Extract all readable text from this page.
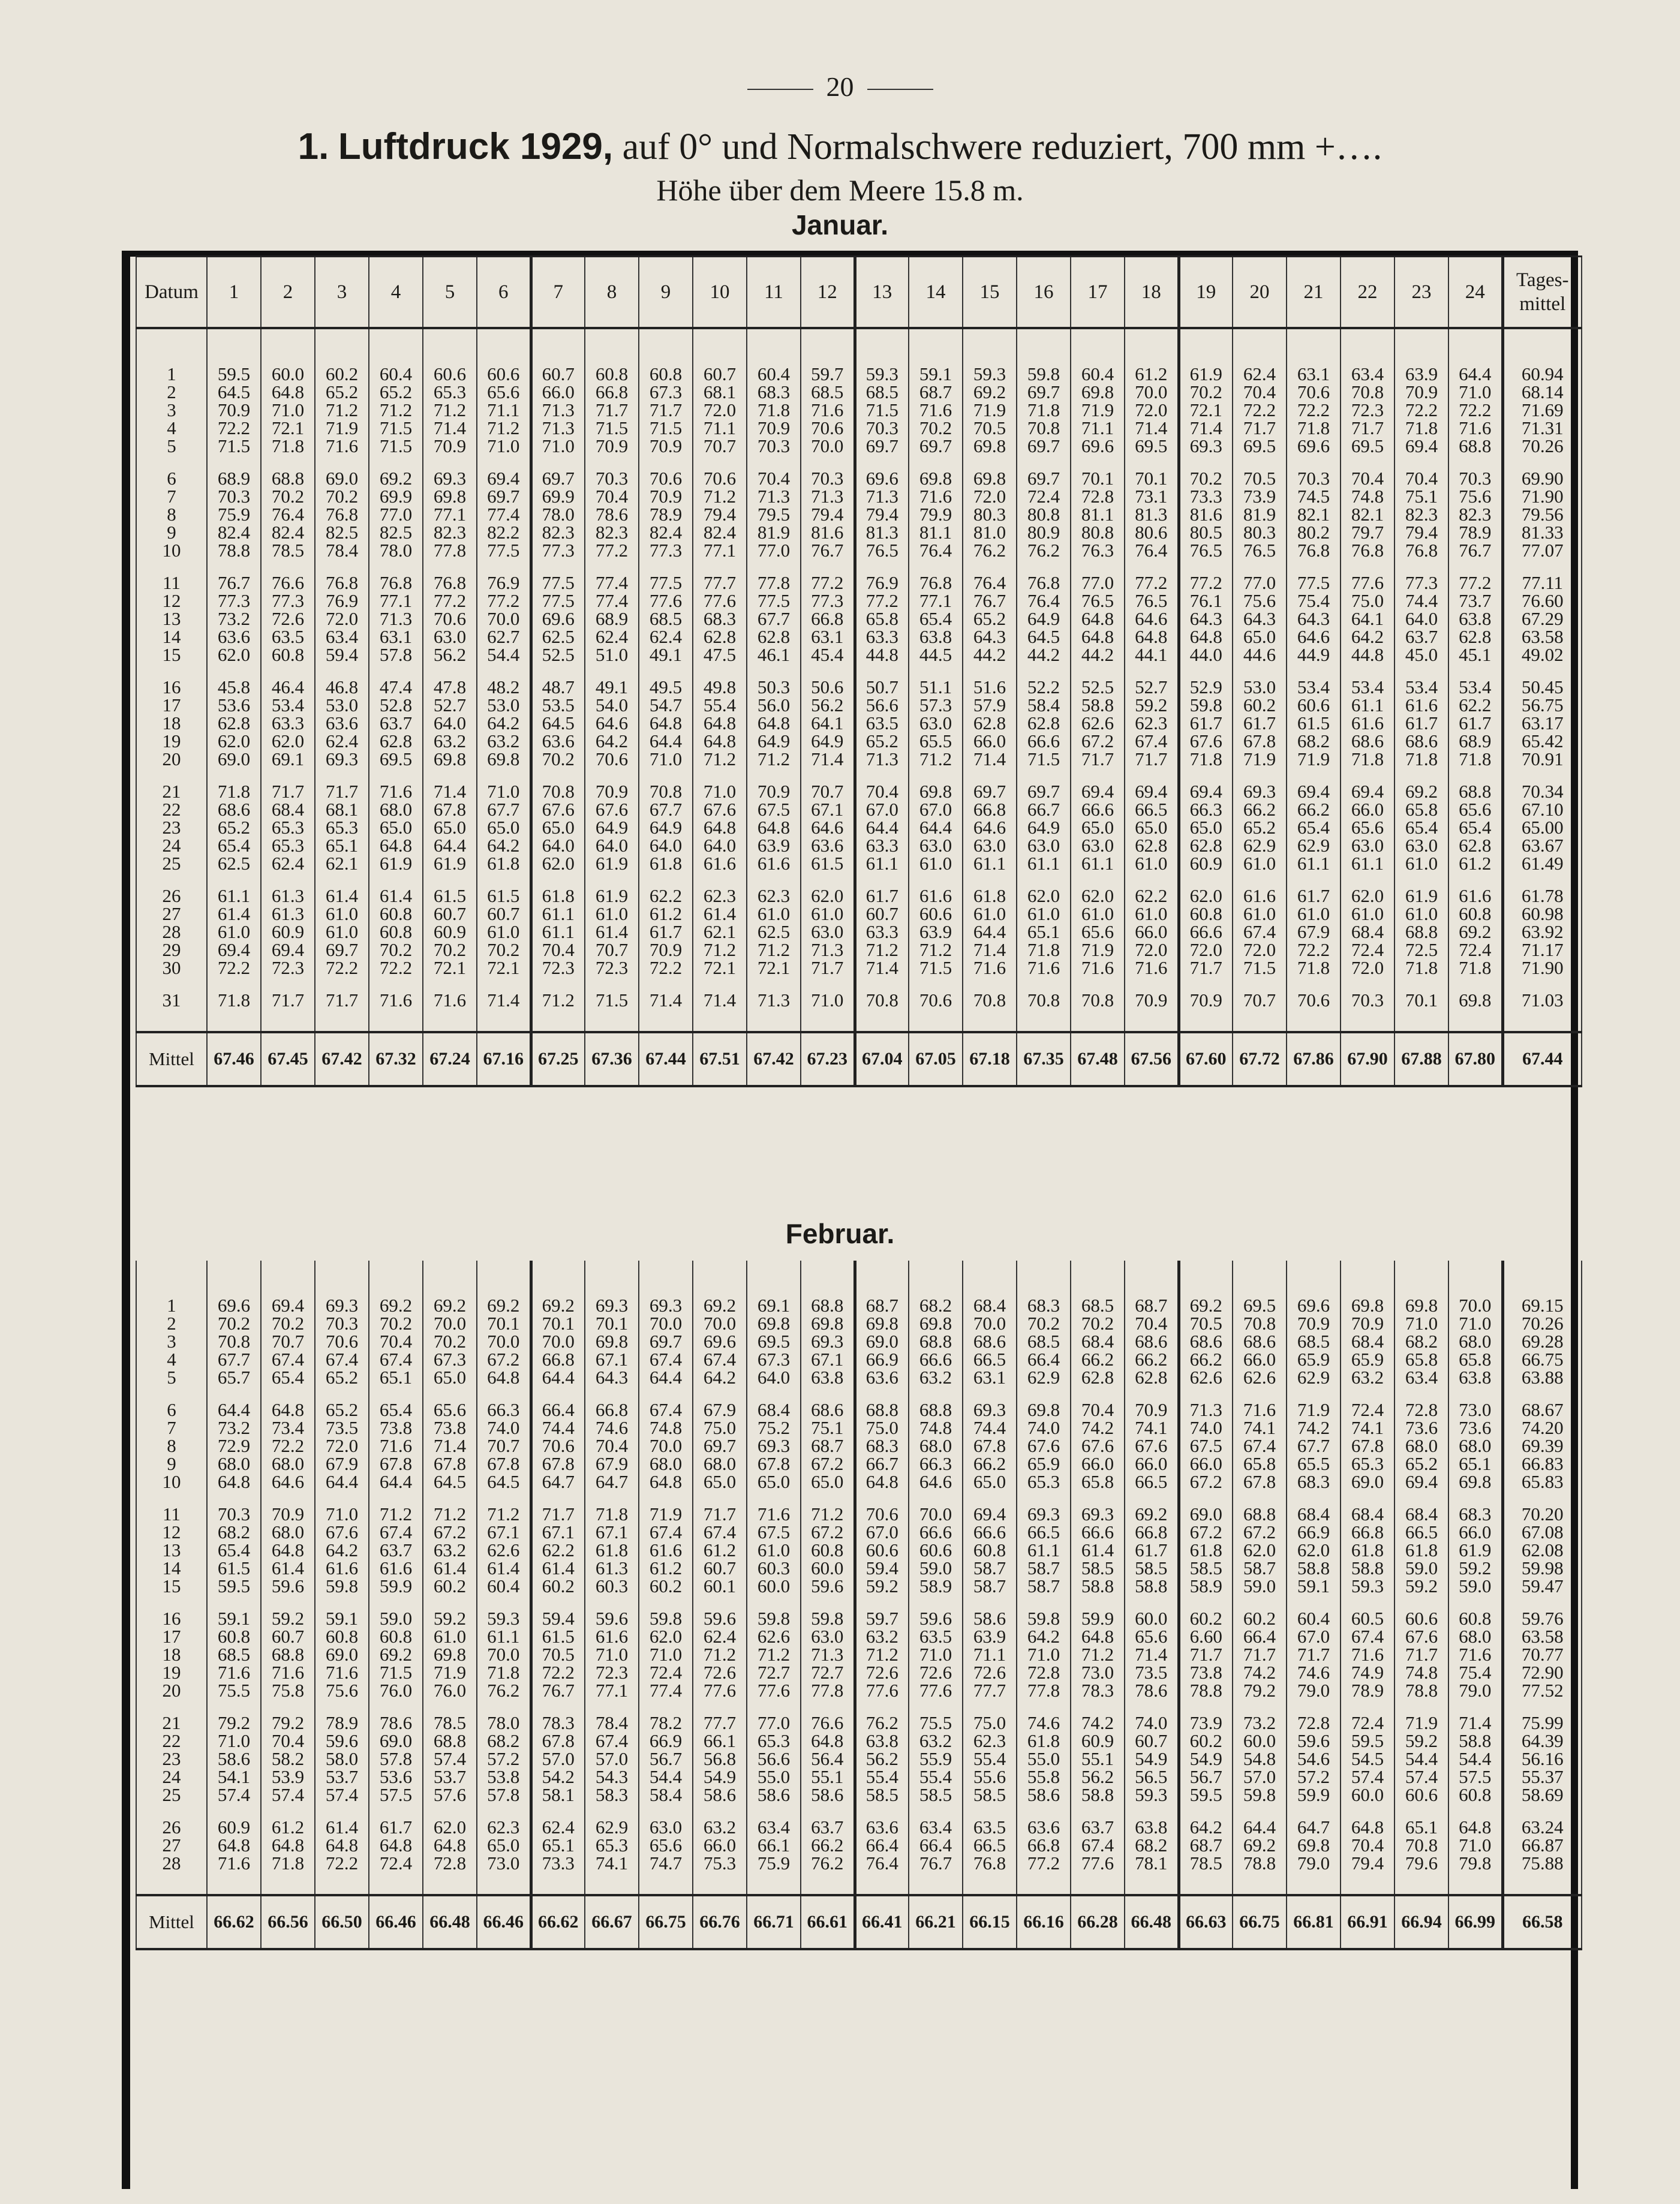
20
1. Luftdruck 1929, auf 0° und Normalschwere reduziert, 700 mm +….
Höhe über dem Meere 15.8 m.
Januar.
Datum	1	2	3	4	5	6	7	8	9	10	11	12	13	14	15	16	17	18	19	20	21	22	23	24	Tages-
mittel

1	59.5	60.0	60.2	60.4	60.6	60.6	60.7	60.8	60.8	60.7	60.4	59.7	59.3	59.1	59.3	59.8	60.4	61.2	61.9	62.4	63.1	63.4	63.9	64.4	60.94
2	64.5	64.8	65.2	65.2	65.3	65.6	66.0	66.8	67.3	68.1	68.3	68.5	68.5	68.7	69.2	69.7	69.8	70.0	70.2	70.4	70.6	70.8	70.9	71.0	68.14
3	70.9	71.0	71.2	71.2	71.2	71.1	71.3	71.7	71.7	72.0	71.8	71.6	71.5	71.6	71.9	71.8	71.9	72.0	72.1	72.2	72.2	72.3	72.2	72.2	71.69
4	72.2	72.1	71.9	71.5	71.4	71.2	71.3	71.5	71.5	71.1	70.9	70.6	70.3	70.2	70.5	70.8	71.1	71.4	71.4	71.7	71.8	71.7	71.8	71.6	71.31
5	71.5	71.8	71.6	71.5	70.9	71.0	71.0	70.9	70.9	70.7	70.3	70.0	69.7	69.7	69.8	69.7	69.6	69.5	69.3	69.5	69.6	69.5	69.4	68.8	70.26

6	68.9	68.8	69.0	69.2	69.3	69.4	69.7	70.3	70.6	70.6	70.4	70.3	69.6	69.8	69.8	69.7	70.1	70.1	70.2	70.5	70.3	70.4	70.4	70.3	69.90
7	70.3	70.2	70.2	69.9	69.8	69.7	69.9	70.4	70.9	71.2	71.3	71.3	71.3	71.6	72.0	72.4	72.8	73.1	73.3	73.9	74.5	74.8	75.1	75.6	71.90
8	75.9	76.4	76.8	77.0	77.1	77.4	78.0	78.6	78.9	79.4	79.5	79.4	79.4	79.9	80.3	80.8	81.1	81.3	81.6	81.9	82.1	82.1	82.3	82.3	79.56
9	82.4	82.4	82.5	82.5	82.3	82.2	82.3	82.3	82.4	82.4	81.9	81.6	81.3	81.1	81.0	80.9	80.8	80.6	80.5	80.3	80.2	79.7	79.4	78.9	81.33
10	78.8	78.5	78.4	78.0	77.8	77.5	77.3	77.2	77.3	77.1	77.0	76.7	76.5	76.4	76.2	76.2	76.3	76.4	76.5	76.5	76.8	76.8	76.8	76.7	77.07

11	76.7	76.6	76.8	76.8	76.8	76.9	77.5	77.4	77.5	77.7	77.8	77.2	76.9	76.8	76.4	76.8	77.0	77.2	77.2	77.0	77.5	77.6	77.3	77.2	77.11
12	77.3	77.3	76.9	77.1	77.2	77.2	77.5	77.4	77.6	77.6	77.5	77.3	77.2	77.1	76.7	76.4	76.5	76.5	76.1	75.6	75.4	75.0	74.4	73.7	76.60
13	73.2	72.6	72.0	71.3	70.6	70.0	69.6	68.9	68.5	68.3	67.7	66.8	65.8	65.4	65.2	64.9	64.8	64.6	64.3	64.3	64.3	64.1	64.0	63.8	67.29
14	63.6	63.5	63.4	63.1	63.0	62.7	62.5	62.4	62.4	62.8	62.8	63.1	63.3	63.8	64.3	64.5	64.8	64.8	64.8	65.0	64.6	64.2	63.7	62.8	63.58
15	62.0	60.8	59.4	57.8	56.2	54.4	52.5	51.0	49.1	47.5	46.1	45.4	44.8	44.5	44.2	44.2	44.2	44.1	44.0	44.6	44.9	44.8	45.0	45.1	49.02

16	45.8	46.4	46.8	47.4	47.8	48.2	48.7	49.1	49.5	49.8	50.3	50.6	50.7	51.1	51.6	52.2	52.5	52.7	52.9	53.0	53.4	53.4	53.4	53.4	50.45
17	53.6	53.4	53.0	52.8	52.7	53.0	53.5	54.0	54.7	55.4	56.0	56.2	56.6	57.3	57.9	58.4	58.8	59.2	59.8	60.2	60.6	61.1	61.6	62.2	56.75
18	62.8	63.3	63.6	63.7	64.0	64.2	64.5	64.6	64.8	64.8	64.8	64.1	63.5	63.0	62.8	62.8	62.6	62.3	61.7	61.7	61.5	61.6	61.7	61.7	63.17
19	62.0	62.0	62.4	62.8	63.2	63.2	63.6	64.2	64.4	64.8	64.9	64.9	65.2	65.5	66.0	66.6	67.2	67.4	67.6	67.8	68.2	68.6	68.6	68.9	65.42
20	69.0	69.1	69.3	69.5	69.8	69.8	70.2	70.6	71.0	71.2	71.2	71.4	71.3	71.2	71.4	71.5	71.7	71.7	71.8	71.9	71.9	71.8	71.8	71.8	70.91

21	71.8	71.7	71.7	71.6	71.4	71.0	70.8	70.9	70.8	71.0	70.9	70.7	70.4	69.8	69.7	69.7	69.4	69.4	69.4	69.3	69.4	69.4	69.2	68.8	70.34
22	68.6	68.4	68.1	68.0	67.8	67.7	67.6	67.6	67.7	67.6	67.5	67.1	67.0	67.0	66.8	66.7	66.6	66.5	66.3	66.2	66.2	66.0	65.8	65.6	67.10
23	65.2	65.3	65.3	65.0	65.0	65.0	65.0	64.9	64.9	64.8	64.8	64.6	64.4	64.4	64.6	64.9	65.0	65.0	65.0	65.2	65.4	65.6	65.4	65.4	65.00
24	65.4	65.3	65.1	64.8	64.4	64.2	64.0	64.0	64.0	64.0	63.9	63.6	63.3	63.0	63.0	63.0	63.0	62.8	62.8	62.9	62.9	63.0	63.0	62.8	63.67
25	62.5	62.4	62.1	61.9	61.9	61.8	62.0	61.9	61.8	61.6	61.6	61.5	61.1	61.0	61.1	61.1	61.1	61.0	60.9	61.0	61.1	61.1	61.0	61.2	61.49

26	61.1	61.3	61.4	61.4	61.5	61.5	61.8	61.9	62.2	62.3	62.3	62.0	61.7	61.6	61.8	62.0	62.0	62.2	62.0	61.6	61.7	62.0	61.9	61.6	61.78
27	61.4	61.3	61.0	60.8	60.7	60.7	61.1	61.0	61.2	61.4	61.0	61.0	60.7	60.6	61.0	61.0	61.0	61.0	60.8	61.0	61.0	61.0	61.0	60.8	60.98
28	61.0	60.9	61.0	60.8	60.9	61.0	61.1	61.4	61.7	62.1	62.5	63.0	63.3	63.9	64.4	65.1	65.6	66.0	66.6	67.4	67.9	68.4	68.8	69.2	63.92
29	69.4	69.4	69.7	70.2	70.2	70.2	70.4	70.7	70.9	71.2	71.2	71.3	71.2	71.2	71.4	71.8	71.9	72.0	72.0	72.0	72.2	72.4	72.5	72.4	71.17
30	72.2	72.3	72.2	72.2	72.1	72.1	72.3	72.3	72.2	72.1	72.1	71.7	71.4	71.5	71.6	71.6	71.6	71.6	71.7	71.5	71.8	72.0	71.8	71.8	71.90

31	71.8	71.7	71.7	71.6	71.6	71.4	71.2	71.5	71.4	71.4	71.3	71.0	70.8	70.6	70.8	70.8	70.8	70.9	70.9	70.7	70.6	70.3	70.1	69.8	71.03

Mittel	67.46	67.45	67.42	67.32	67.24	67.16	67.25	67.36	67.44	67.51	67.42	67.23	67.04	67.05	67.18	67.35	67.48	67.56	67.60	67.72	67.86	67.90	67.88	67.80	67.44
Februar.

1	69.6	69.4	69.3	69.2	69.2	69.2	69.2	69.3	69.3	69.2	69.1	68.8	68.7	68.2	68.4	68.3	68.5	68.7	69.2	69.5	69.6	69.8	69.8	70.0	69.15
2	70.2	70.2	70.3	70.2	70.0	70.1	70.1	70.1	70.0	70.0	69.8	69.8	69.8	69.8	70.0	70.2	70.2	70.4	70.5	70.8	70.9	70.9	71.0	71.0	70.26
3	70.8	70.7	70.6	70.4	70.2	70.0	70.0	69.8	69.7	69.6	69.5	69.3	69.0	68.8	68.6	68.5	68.4	68.6	68.6	68.6	68.5	68.4	68.2	68.0	69.28
4	67.7	67.4	67.4	67.4	67.3	67.2	66.8	67.1	67.4	67.4	67.3	67.1	66.9	66.6	66.5	66.4	66.2	66.2	66.2	66.0	65.9	65.9	65.8	65.8	66.75
5	65.7	65.4	65.2	65.1	65.0	64.8	64.4	64.3	64.4	64.2	64.0	63.8	63.6	63.2	63.1	62.9	62.8	62.8	62.6	62.6	62.9	63.2	63.4	63.8	63.88

6	64.4	64.8	65.2	65.4	65.6	66.3	66.4	66.8	67.4	67.9	68.4	68.6	68.8	68.8	69.3	69.8	70.4	70.9	71.3	71.6	71.9	72.4	72.8	73.0	68.67
7	73.2	73.4	73.5	73.8	73.8	74.0	74.4	74.6	74.8	75.0	75.2	75.1	75.0	74.8	74.4	74.0	74.2	74.1	74.0	74.1	74.2	74.1	73.6	73.6	74.20
8	72.9	72.2	72.0	71.6	71.4	70.7	70.6	70.4	70.0	69.7	69.3	68.7	68.3	68.0	67.8	67.6	67.6	67.6	67.5	67.4	67.7	67.8	68.0	68.0	69.39
9	68.0	68.0	67.9	67.8	67.8	67.8	67.8	67.9	68.0	68.0	67.8	67.2	66.7	66.3	66.2	65.9	66.0	66.0	66.0	65.8	65.5	65.3	65.2	65.1	66.83
10	64.8	64.6	64.4	64.4	64.5	64.5	64.7	64.7	64.8	65.0	65.0	65.0	64.8	64.6	65.0	65.3	65.8	66.5	67.2	67.8	68.3	69.0	69.4	69.8	65.83

11	70.3	70.9	71.0	71.2	71.2	71.2	71.7	71.8	71.9	71.7	71.6	71.2	70.6	70.0	69.4	69.3	69.3	69.2	69.0	68.8	68.4	68.4	68.4	68.3	70.20
12	68.2	68.0	67.6	67.4	67.2	67.1	67.1	67.1	67.4	67.4	67.5	67.2	67.0	66.6	66.6	66.5	66.6	66.8	67.2	67.2	66.9	66.8	66.5	66.0	67.08
13	65.4	64.8	64.2	63.7	63.2	62.6	62.2	61.8	61.6	61.2	61.0	60.8	60.6	60.6	60.8	61.1	61.4	61.7	61.8	62.0	62.0	61.8	61.8	61.9	62.08
14	61.5	61.4	61.6	61.6	61.4	61.4	61.4	61.3	61.2	60.7	60.3	60.0	59.4	59.0	58.7	58.7	58.5	58.5	58.5	58.7	58.8	58.8	59.0	59.2	59.98
15	59.5	59.6	59.8	59.9	60.2	60.4	60.2	60.3	60.2	60.1	60.0	59.6	59.2	58.9	58.7	58.7	58.8	58.8	58.9	59.0	59.1	59.3	59.2	59.0	59.47

16	59.1	59.2	59.1	59.0	59.2	59.3	59.4	59.6	59.8	59.6	59.8	59.8	59.7	59.6	58.6	59.8	59.9	60.0	60.2	60.2	60.4	60.5	60.6	60.8	59.76
17	60.8	60.7	60.8	60.8	61.0	61.1	61.5	61.6	62.0	62.4	62.6	63.0	63.2	63.5	63.9	64.2	64.8	65.6	6.60	66.4	67.0	67.4	67.6	68.0	63.58
18	68.5	68.8	69.0	69.2	69.8	70.0	70.5	71.0	71.0	71.2	71.2	71.3	71.2	71.0	71.1	71.0	71.2	71.4	71.7	71.7	71.7	71.6	71.7	71.6	70.77
19	71.6	71.6	71.6	71.5	71.9	71.8	72.2	72.3	72.4	72.6	72.7	72.7	72.6	72.6	72.6	72.8	73.0	73.5	73.8	74.2	74.6	74.9	74.8	75.4	72.90
20	75.5	75.8	75.6	76.0	76.0	76.2	76.7	77.1	77.4	77.6	77.6	77.8	77.6	77.6	77.7	77.8	78.3	78.6	78.8	79.2	79.0	78.9	78.8	79.0	77.52

21	79.2	79.2	78.9	78.6	78.5	78.0	78.3	78.4	78.2	77.7	77.0	76.6	76.2	75.5	75.0	74.6	74.2	74.0	73.9	73.2	72.8	72.4	71.9	71.4	75.99
22	71.0	70.4	59.6	69.0	68.8	68.2	67.8	67.4	66.9	66.1	65.3	64.8	63.8	63.2	62.3	61.8	60.9	60.7	60.2	60.0	59.6	59.5	59.2	58.8	64.39
23	58.6	58.2	58.0	57.8	57.4	57.2	57.0	57.0	56.7	56.8	56.6	56.4	56.2	55.9	55.4	55.0	55.1	54.9	54.9	54.8	54.6	54.5	54.4	54.4	56.16
24	54.1	53.9	53.7	53.6	53.7	53.8	54.2	54.3	54.4	54.9	55.0	55.1	55.4	55.4	55.6	55.8	56.2	56.5	56.7	57.0	57.2	57.4	57.4	57.5	55.37
25	57.4	57.4	57.4	57.5	57.6	57.8	58.1	58.3	58.4	58.6	58.6	58.6	58.5	58.5	58.5	58.6	58.8	59.3	59.5	59.8	59.9	60.0	60.6	60.8	58.69

26	60.9	61.2	61.4	61.7	62.0	62.3	62.4	62.9	63.0	63.2	63.4	63.7	63.6	63.4	63.5	63.6	63.7	63.8	64.2	64.4	64.7	64.8	65.1	64.8	63.24
27	64.8	64.8	64.8	64.8	64.8	65.0	65.1	65.3	65.6	66.0	66.1	66.2	66.4	66.4	66.5	66.8	67.4	68.2	68.7	69.2	69.8	70.4	70.8	71.0	66.87
28	71.6	71.8	72.2	72.4	72.8	73.0	73.3	74.1	74.7	75.3	75.9	76.2	76.4	76.7	76.8	77.2	77.6	78.1	78.5	78.8	79.0	79.4	79.6	79.8	75.88

Mittel	66.62	66.56	66.50	66.46	66.48	66.46	66.62	66.67	66.75	66.76	66.71	66.61	66.41	66.21	66.15	66.16	66.28	66.48	66.63	66.75	66.81	66.91	66.94	66.99	66.58
